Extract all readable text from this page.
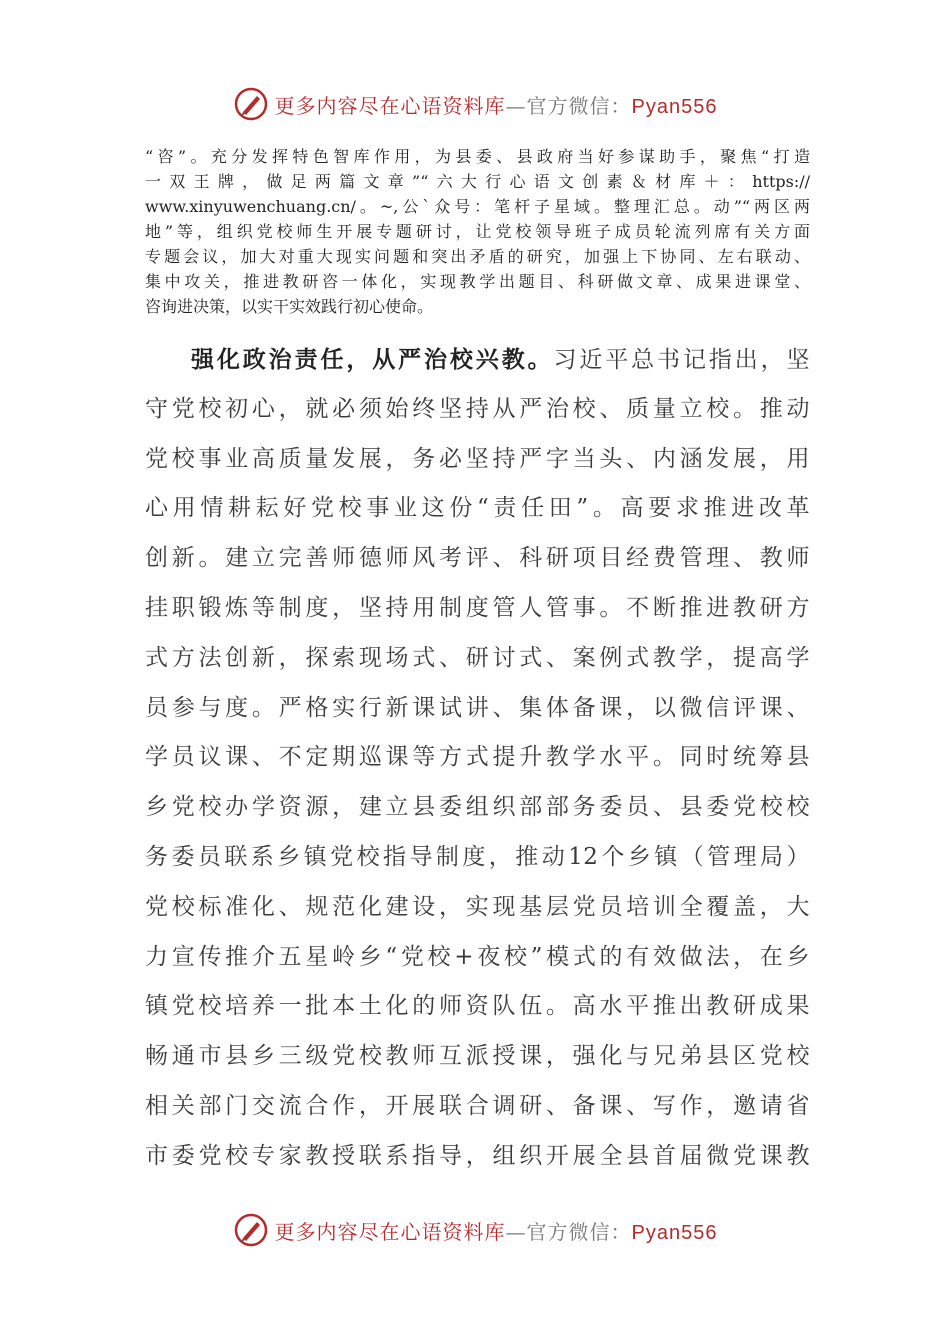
更多内容尽在心语资料库—官方微信：Pyan556
“咨”。充分发挥特色智库作用，为县委、县政府当好参谋助手，聚焦“打造
一双王牌，做足两篇文章”“六大行心语文创素＆材库＋：https://
www.xinyuwenchuang.cn/。~,公`众号：笔杆子星域。整理汇总。动”“两区两
地”等，组织党校师生开展专题研讨，让党校领导班子成员轮流列席有关方面
专题会议，加大对重大现实问题和突出矛盾的研究，加强上下协同、左右联动、
集中攻关，推进教研咨一体化，实现教学出题目、科研做文章、成果进课堂、
咨询进决策，以实干实效践行初心使命。
强化政治责任，从严治校兴教。习近平总书记指出，坚
守党校初心，就必须始终坚持从严治校、质量立校。推动
党校事业高质量发展，务必坚持严字当头、内涵发展，用
心用情耕耘好党校事业这份“责任田”。高要求推进改革
创新。建立完善师德师风考评、科研项目经费管理、教师
挂职锻炼等制度，坚持用制度管人管事。不断推进教研方
式方法创新，探索现场式、研讨式、案例式教学，提高学
员参与度。严格实行新课试讲、集体备课，以微信评课、
学员议课、不定期巡课等方式提升教学水平。同时统筹县
乡党校办学资源，建立县委组织部部务委员、县委党校校
务委员联系乡镇党校指导制度，推动12个乡镇（管理局）
党校标准化、规范化建设，实现基层党员培训全覆盖，大
力宣传推介五星岭乡“党校+夜校”模式的有效做法，在乡
镇党校培养一批本土化的师资队伍。高水平推出教研成果
畅通市县乡三级党校教师互派授课，强化与兄弟县区党校
相关部门交流合作，开展联合调研、备课、写作，邀请省
市委党校专家教授联系指导，组织开展全县首届微党课教
更多内容尽在心语资料库—官方微信：Pyan556
